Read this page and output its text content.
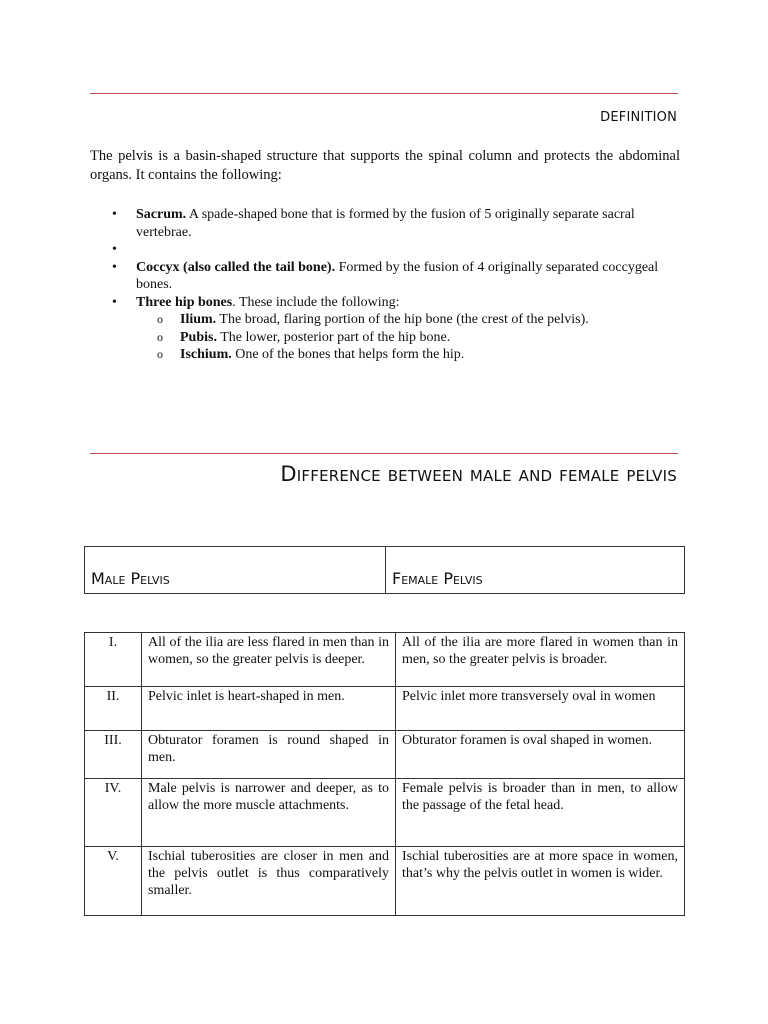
definition

The pelvis is a basin-shaped structure that supports the spinal column and protects the abdominal organs. It contains the following:

• Sacrum. A spade-shaped bone that is formed by the fusion of 5 originally separate sacral vertebrae.
•
• Coccyx (also called the tail bone). Formed by the fusion of 4 originally separated coccygeal bones.
• Three hip bones. These include the following:
o Ilium. The broad, flaring portion of the hip bone (the crest of the pelvis).
o Pubis. The lower, posterior part of the hip bone.
o Ischium. One of the bones that helps form the hip.
Difference between male and female pelvis
Male Pelvis	Female Pelvis
I.	All of the ilia are less flared in men than in women, so the greater pelvis is deeper.	All of the ilia are more flared in women than in men, so the greater pelvis is broader.
II.	Pelvic inlet is heart-shaped in men.	Pelvic inlet more transversely oval in women
III.	Obturator foramen is round shaped in men.	Obturator foramen is oval shaped in women.
IV.	Male pelvis is narrower and deeper, as to allow the more muscle attachments.	Female pelvis is broader than in men, to allow the passage of the fetal head.
V.	Ischial tuberosities are closer in men and the pelvis outlet is thus comparatively smaller.	Ischial tuberosities are at more space in women, that’s why the pelvis outlet in women is wider.
